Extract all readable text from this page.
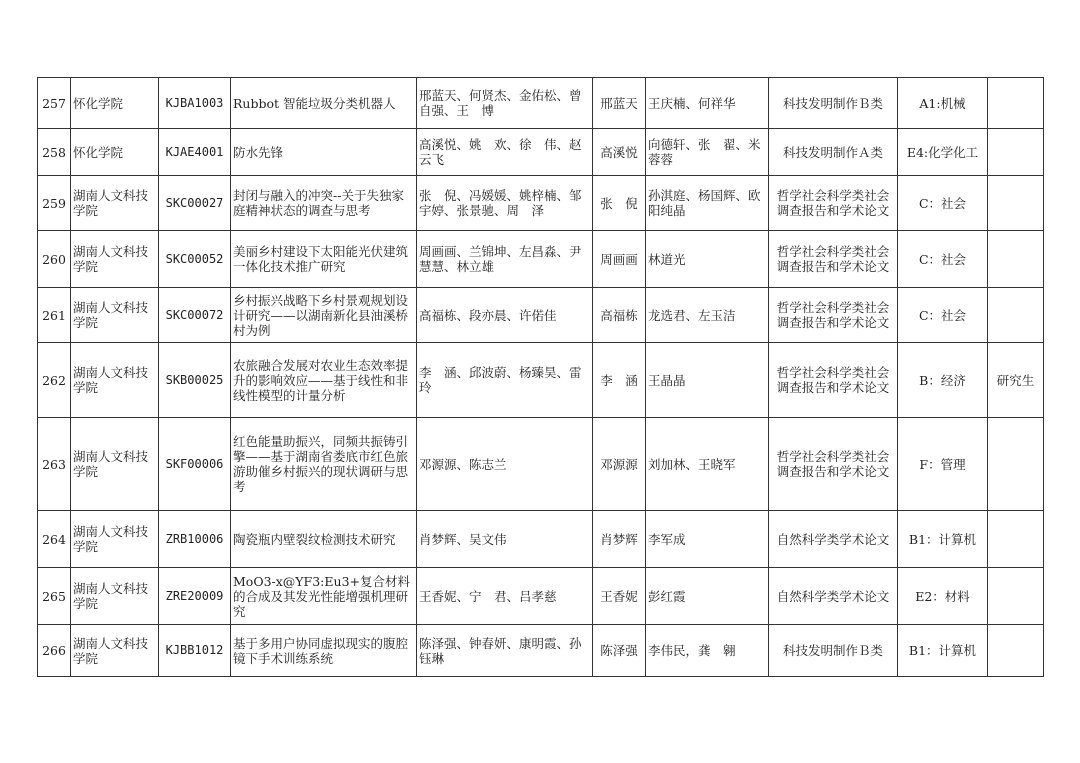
257	怀化学院	KJBA1003	Rubbot 智能垃圾分类机器人	邢蓝天、何贤杰、金佑松、曾自强、王　博	邢蓝天	王庆楠、何祥华	科技发明制作Ｂ类	A1:机械	
258	怀化学院	KJAE4001	防水先锋	高溪悦、姚　欢、徐　伟、赵云飞	高溪悦	向德轩、张　翟、米蓉蓉	科技发明制作Ａ类	E4:化学化工	
259	湖南人文科技学院	SKC00027	封闭与融入的冲突--关于失独家庭精神状态的调查与思考	张　倪、冯媛媛、姚梓楠、邹宇婷、张景驰、周　泽	张　倪	孙淇庭、杨国辉、欧阳纯晶	哲学社会科学类社会调查报告和学术论文	C：社会	
260	湖南人文科技学院	SKC00052	美丽乡村建设下太阳能光伏建筑一体化技术推广研究	周画画、兰锦坤、左昌淼、尹慧慧、林立雄	周画画	林道光	哲学社会科学类社会调查报告和学术论文	C：社会	
261	湖南人文科技学院	SKC00072	乡村振兴战略下乡村景观规划设计研究——以湖南新化县油溪桥村为例	高福栋、段亦晨、许偌佳	高福栋	龙选君、左玉洁	哲学社会科学类社会调查报告和学术论文	C：社会	
262	湖南人文科技学院	SKB00025	农旅融合发展对农业生态效率提升的影响效应——基于线性和非线性模型的计量分析	李　涵、邱波蔚、杨臻昊、雷　玲	李　涵	王晶晶	哲学社会科学类社会调查报告和学术论文	B：经济	研究生
263	湖南人文科技学院	SKF00006	红色能量助振兴，同频共振铸引擎——基于湖南省娄底市红色旅游助催乡村振兴的现状调研与思考	邓源源、陈志兰	邓源源	刘加林、王晓军	哲学社会科学类社会调查报告和学术论文	F：管理	
264	湖南人文科技学院	ZRB10006	陶瓷瓶内壁裂纹检测技术研究	肖梦辉、吴文伟	肖梦辉	李军成	自然科学类学术论文	B1：计算机	
265	湖南人文科技学院	ZRE20009	MoO3-x@YF3:Eu3+复合材料的合成及其发光性能增强机理研究	王香妮、宁　君、吕孝慈	王香妮	彭红霞	自然科学类学术论文	E2：材料	
266	湖南人文科技学院	KJBB1012	基于多用户协同虚拟现实的腹腔镜下手术训练系统	陈泽强、钟春妍、康明霞、孙钰琳	陈泽强	李伟民，龚　翱	科技发明制作Ｂ类	B1：计算机	
